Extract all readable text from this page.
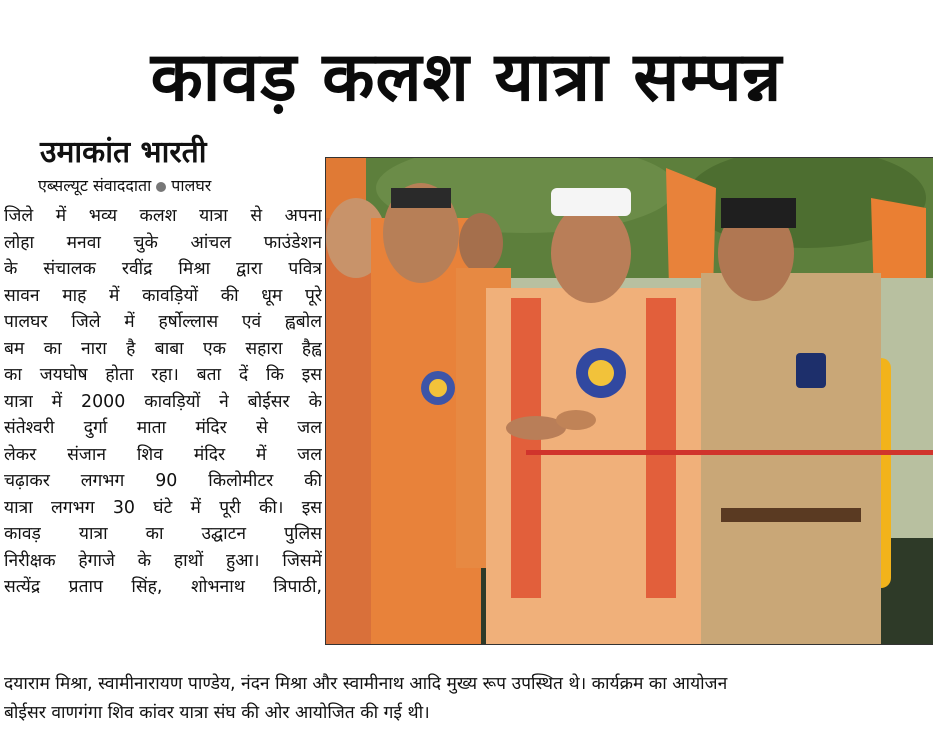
कावड़ कलश यात्रा सम्पन्न
उमाकांत भारती
एब्सल्यूट संवाददाता पालघर
जिले में भव्य कलश यात्रा से अपना
लोहा मनवा चुके आंचल फाउंडेशन
के संचालक रवींद्र मिश्रा द्वारा पवित्र
सावन माह में कावड़ियों की धूम पूरे
पालघर जिले में हर्षोल्लास एवं ह्वबोल
बम का नारा है बाबा एक सहारा हैह्व
का जयघोष होता रहा। बता दें कि इस
यात्रा में 2000 कावड़ियों ने बोईसर के
संतेश्वरी दुर्गा माता मंदिर से जल
लेकर संजान शिव मंदिर में जल
चढ़ाकर लगभग 90 किलोमीटर की
यात्रा लगभग 30 घंटे में पूरी की। इस
कावड़ यात्रा का उद्घाटन पुलिस
निरीक्षक हेगाजे के हाथों हुआ। जिसमें
सत्येंद्र प्रताप सिंह, शोभनाथ त्रिपाठी,
दयाराम मिश्रा, स्वामीनारायण पाण्डेय, नंदन मिश्रा और स्वामीनाथ आदि मुख्य रूप उपस्थित थे। कार्यक्रम का आयोजन
बोईसर वाणगंगा शिव कांवर यात्रा संघ की ओर आयोजित की गई थी।
